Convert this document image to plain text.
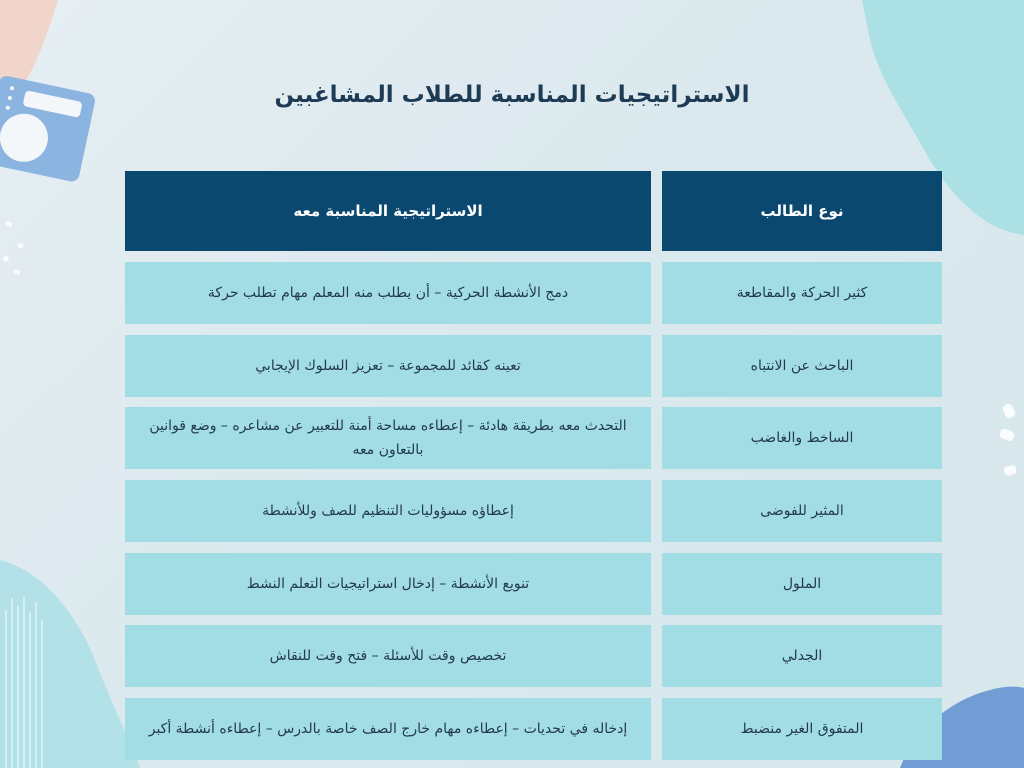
الاستراتيجيات المناسبة للطلاب المشاغبين
نوع الطالب
الاستراتيجية المناسبة معه
كثير الحركة والمقاطعة
دمج الأنشطة الحركية – أن يطلب منه المعلم مهام تطلب حركة
الباحث عن الانتباه
تعينه كقائد للمجموعة – تعزيز السلوك الإيجابي
الساخط والغاضب
التحدث معه بطريقة هادئة – إعطاءه مساحة أمنة للتعبير عن مشاعره – وضع قوانين بالتعاون معه
المثير للفوضى
إعطاؤه مسؤوليات التنظيم للصف وللأنشطة
الملول
تنويع الأنشطة – إدخال استراتيجيات التعلم النشط
الجدلي
تخصيص وقت للأسئلة – فتح وقت للنقاش
المتفوق الغير منضبط
إدخاله في تحديات – إعطاءه مهام خارج الصف خاصة بالدرس – إعطاءه أنشطة أكبر
